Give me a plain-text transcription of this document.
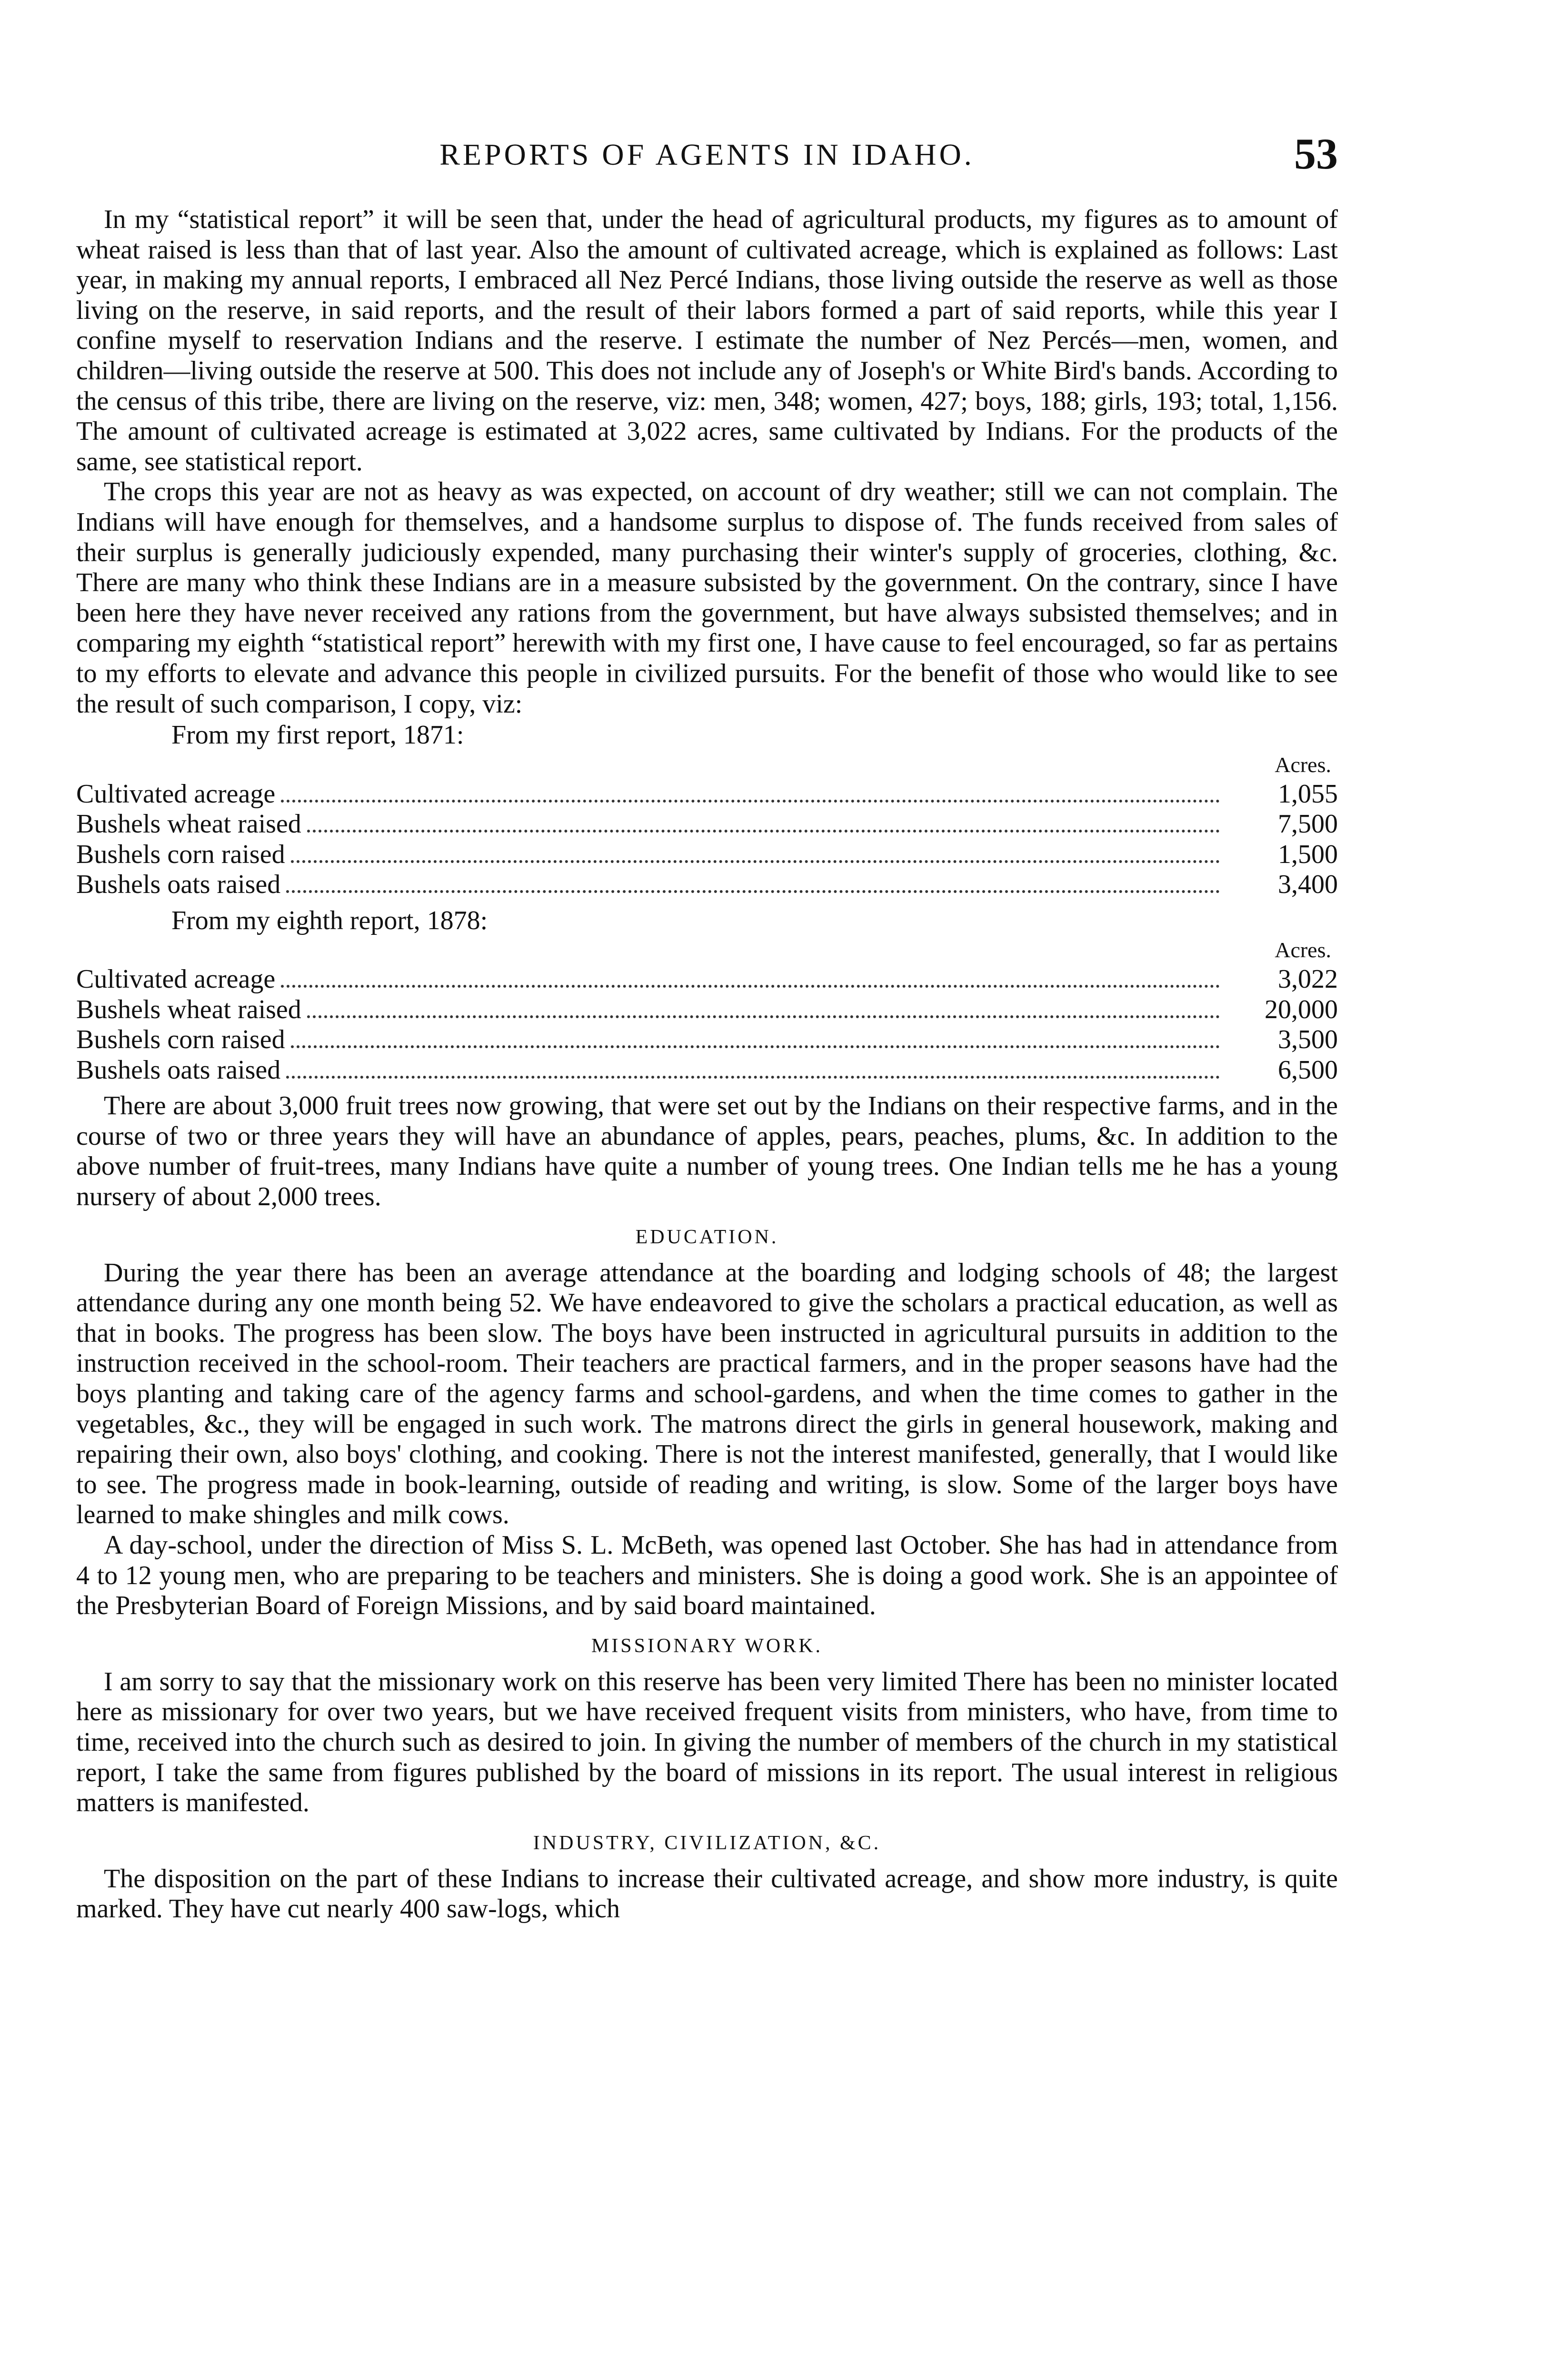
REPORTS OF AGENTS IN IDAHO.	53

In my “statistical report” it will be seen that, under the head of agricultural products, my figures as to amount of wheat raised is less than that of last year. Also the amount of cultivated acreage, which is explained as follows: Last year, in making my annual reports, I embraced all Nez Percé Indians, those living outside the reserve as well as those living on the reserve, in said reports, and the result of their labors formed a part of said reports, while this year I confine myself to reservation Indians and the reserve. I estimate the number of Nez Percés—men, women, and children—living outside the reserve at 500. This does not include any of Joseph's or White Bird's bands. According to the census of this tribe, there are living on the reserve, viz: men, 348; women, 427; boys, 188; girls, 193; total, 1,156. The amount of cultivated acreage is estimated at 3,022 acres, same cultivated by Indians. For the products of the same, see statistical report.

The crops this year are not as heavy as was expected, on account of dry weather; still we can not complain. The Indians will have enough for themselves, and a handsome surplus to dispose of. The funds received from sales of their surplus is generally judiciously expended, many purchasing their winter's supply of groceries, clothing, &c. There are many who think these Indians are in a measure subsisted by the government. On the contrary, since I have been here they have never received any rations from the government, but have always subsisted themselves; and in comparing my eighth “statistical report” herewith with my first one, I have cause to feel encouraged, so far as pertains to my efforts to elevate and advance this people in civilized pursuits. For the benefit of those who would like to see the result of such comparison, I copy, viz:

From my first report, 1871:

Acres.
Cultivated acreage	1,055
Bushels wheat raised	7,500
Bushels corn raised	1,500
Bushels oats raised	3,400

From my eighth report, 1878:

Acres.
Cultivated acreage	3,022
Bushels wheat raised	20,000
Bushels corn raised	3,500
Bushels oats raised	6,500

There are about 3,000 fruit trees now growing, that were set out by the Indians on their respective farms, and in the course of two or three years they will have an abundance of apples, pears, peaches, plums, &c. In addition to the above number of fruit-trees, many Indians have quite a number of young trees. One Indian tells me he has a young nursery of about 2,000 trees.

EDUCATION.

During the year there has been an average attendance at the boarding and lodging schools of 48; the largest attendance during any one month being 52. We have endeavored to give the scholars a practical education, as well as that in books. The progress has been slow. The boys have been instructed in agricultural pursuits in addition to the instruction received in the school-room. Their teachers are practical farmers, and in the proper seasons have had the boys planting and taking care of the agency farms and school-gardens, and when the time comes to gather in the vegetables, &c., they will be engaged in such work. The matrons direct the girls in general housework, making and repairing their own, also boys' clothing, and cooking. There is not the interest manifested, generally, that I would like to see. The progress made in book-learning, outside of reading and writing, is slow. Some of the larger boys have learned to make shingles and milk cows.

A day-school, under the direction of Miss S. L. McBeth, was opened last October. She has had in attendance from 4 to 12 young men, who are preparing to be teachers and ministers. She is doing a good work. She is an appointee of the Presbyterian Board of Foreign Missions, and by said board maintained.

MISSIONARY WORK.

I am sorry to say that the missionary work on this reserve has been very limited There has been no minister located here as missionary for over two years, but we have received frequent visits from ministers, who have, from time to time, received into the church such as desired to join. In giving the number of members of the church in my statistical report, I take the same from figures published by the board of missions in its report. The usual interest in religious matters is manifested.

INDUSTRY, CIVILIZATION, &C.

The disposition on the part of these Indians to increase their cultivated acreage, and show more industry, is quite marked. They have cut nearly 400 saw-logs, which
